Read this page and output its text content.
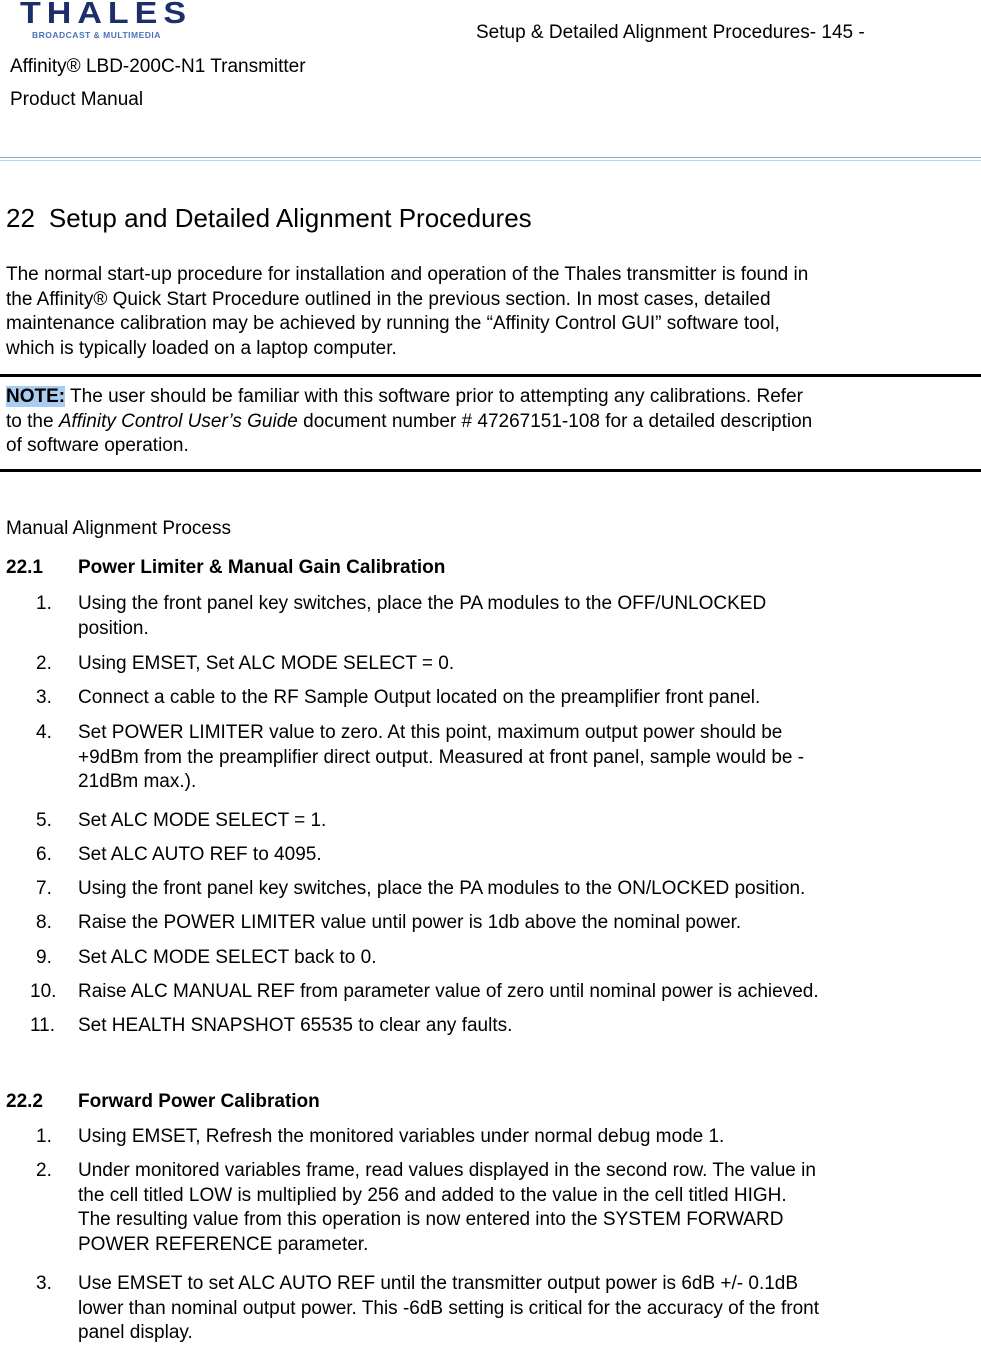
THALES
BROADCAST & MULTIMEDIA	Setup & Detailed Alignment Procedures- 145 -
Affinity® LBD-200C-N1 Transmitter
Product Manual
22 Setup and Detailed Alignment Procedures
The normal start-up procedure for installation and operation of the Thales transmitter is found in
the Affinity® Quick Start Procedure outlined in the previous section. In most cases, detailed
maintenance calibration may be achieved by running the “Affinity Control GUI” software tool,
which is typically loaded on a laptop computer.
NOTE: The user should be familiar with this software prior to attempting any calibrations. Refer
to the Affinity Control User’s Guide document number # 47267151-108 for a detailed description
of software operation.
Manual Alignment Process
22.1 Power Limiter & Manual Gain Calibration
1.	Using the front panel key switches, place the PA modules to the OFF/UNLOCKED
position.
2.	Using EMSET, Set ALC MODE SELECT = 0.
3.	Connect a cable to the RF Sample Output located on the preamplifier front panel.
4.	Set POWER LIMITER value to zero. At this point, maximum output power should be
+9dBm from the preamplifier direct output. Measured at front panel, sample would be -
21dBm max.).
5.	Set ALC MODE SELECT = 1.
6.	Set ALC AUTO REF to 4095.
7.	Using the front panel key switches, place the PA modules to the ON/LOCKED position.
8.	Raise the POWER LIMITER value until power is 1db above the nominal power.
9.	Set ALC MODE SELECT back to 0.
10.	Raise ALC MANUAL REF from parameter value of zero until nominal power is achieved.
11.	Set HEALTH SNAPSHOT 65535 to clear any faults.
22.2 Forward Power Calibration
1.	Using EMSET, Refresh the monitored variables under normal debug mode 1.
2.	Under monitored variables frame, read values displayed in the second row. The value in
the cell titled LOW is multiplied by 256 and added to the value in the cell titled HIGH.
The resulting value from this operation is now entered into the SYSTEM FORWARD
POWER REFERENCE parameter.
3.	Use EMSET to set ALC AUTO REF until the transmitter output power is 6dB +/- 0.1dB
lower than nominal output power. This -6dB setting is critical for the accuracy of the front
panel display.
